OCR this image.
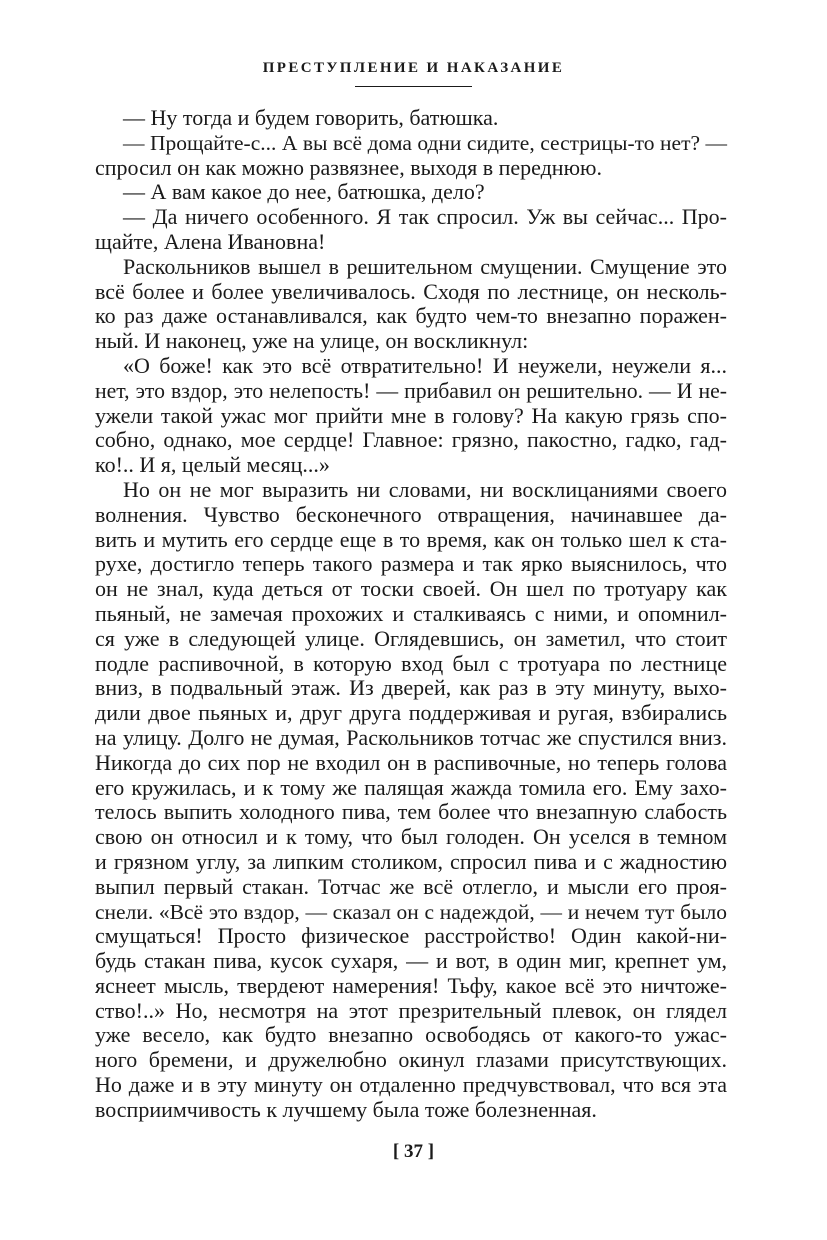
ПРЕСТУПЛЕНИЕ И НАКАЗАНИЕ
— Ну тогда и будем говорить, батюшка.
— Прощайте-с... А вы всё дома одни сидите, сестрицы-то нет? —
спросил он как можно развязнее, выходя в переднюю.
— А вам какое до нее, батюшка, дело?
— Да ничего особенного. Я так спросил. Уж вы сейчас... Про-
щайте, Алена Ивановна!
Раскольников вышел в решительном смущении. Смущение это
всё более и более увеличивалось. Сходя по лестнице, он несколь-
ко раз даже останавливался, как будто чем-то внезапно поражен-
ный. И наконец, уже на улице, он воскликнул:
«О боже! как это всё отвратительно! И неужели, неужели я...
нет, это вздор, это нелепость! — прибавил он решительно. — И не-
ужели такой ужас мог прийти мне в голову? На какую грязь спо-
собно, однако, мое сердце! Главное: грязно, пакостно, гадко, гад-
ко!.. И я, целый месяц...»
Но он не мог выразить ни словами, ни восклицаниями своего
волнения. Чувство бесконечного отвращения, начинавшее да-
вить и мутить его сердце еще в то время, как он только шел к ста-
рухе, достигло теперь такого размера и так ярко выяснилось, что
он не знал, куда деться от тоски своей. Он шел по тротуару как
пьяный, не замечая прохожих и сталкиваясь с ними, и опомнил-
ся уже в следующей улице. Оглядевшись, он заметил, что стоит
подле распивочной, в которую вход был с тротуара по лестнице
вниз, в подвальный этаж. Из дверей, как раз в эту минуту, выхо-
дили двое пьяных и, друг друга поддерживая и ругая, взбирались
на улицу. Долго не думая, Раскольников тотчас же спустился вниз.
Никогда до сих пор не входил он в распивочные, но теперь голова
его кружилась, и к тому же палящая жажда томила его. Ему захо-
телось выпить холодного пива, тем более что внезапную слабость
свою он относил и к тому, что был голоден. Он уселся в темном
и грязном углу, за липким столиком, спросил пива и с жадностию
выпил первый стакан. Тотчас же всё отлегло, и мысли его проя-
снели. «Всё это вздор, — сказал он с надеждой, — и нечем тут было
смущаться! Просто физическое расстройство! Один какой-ни-
будь стакан пива, кусок сухаря, — и вот, в один миг, крепнет ум,
яснеет мысль, твердеют намерения! Тьфу, какое всё это ничтоже-
ство!..» Но, несмотря на этот презрительный плевок, он глядел
уже весело, как будто внезапно освободясь от какого-то ужас-
ного бремени, и дружелюбно окинул глазами присутствующих.
Но даже и в эту минуту он отдаленно предчувствовал, что вся эта
восприимчивость к лучшему была тоже болезненная.
[ 37 ]
